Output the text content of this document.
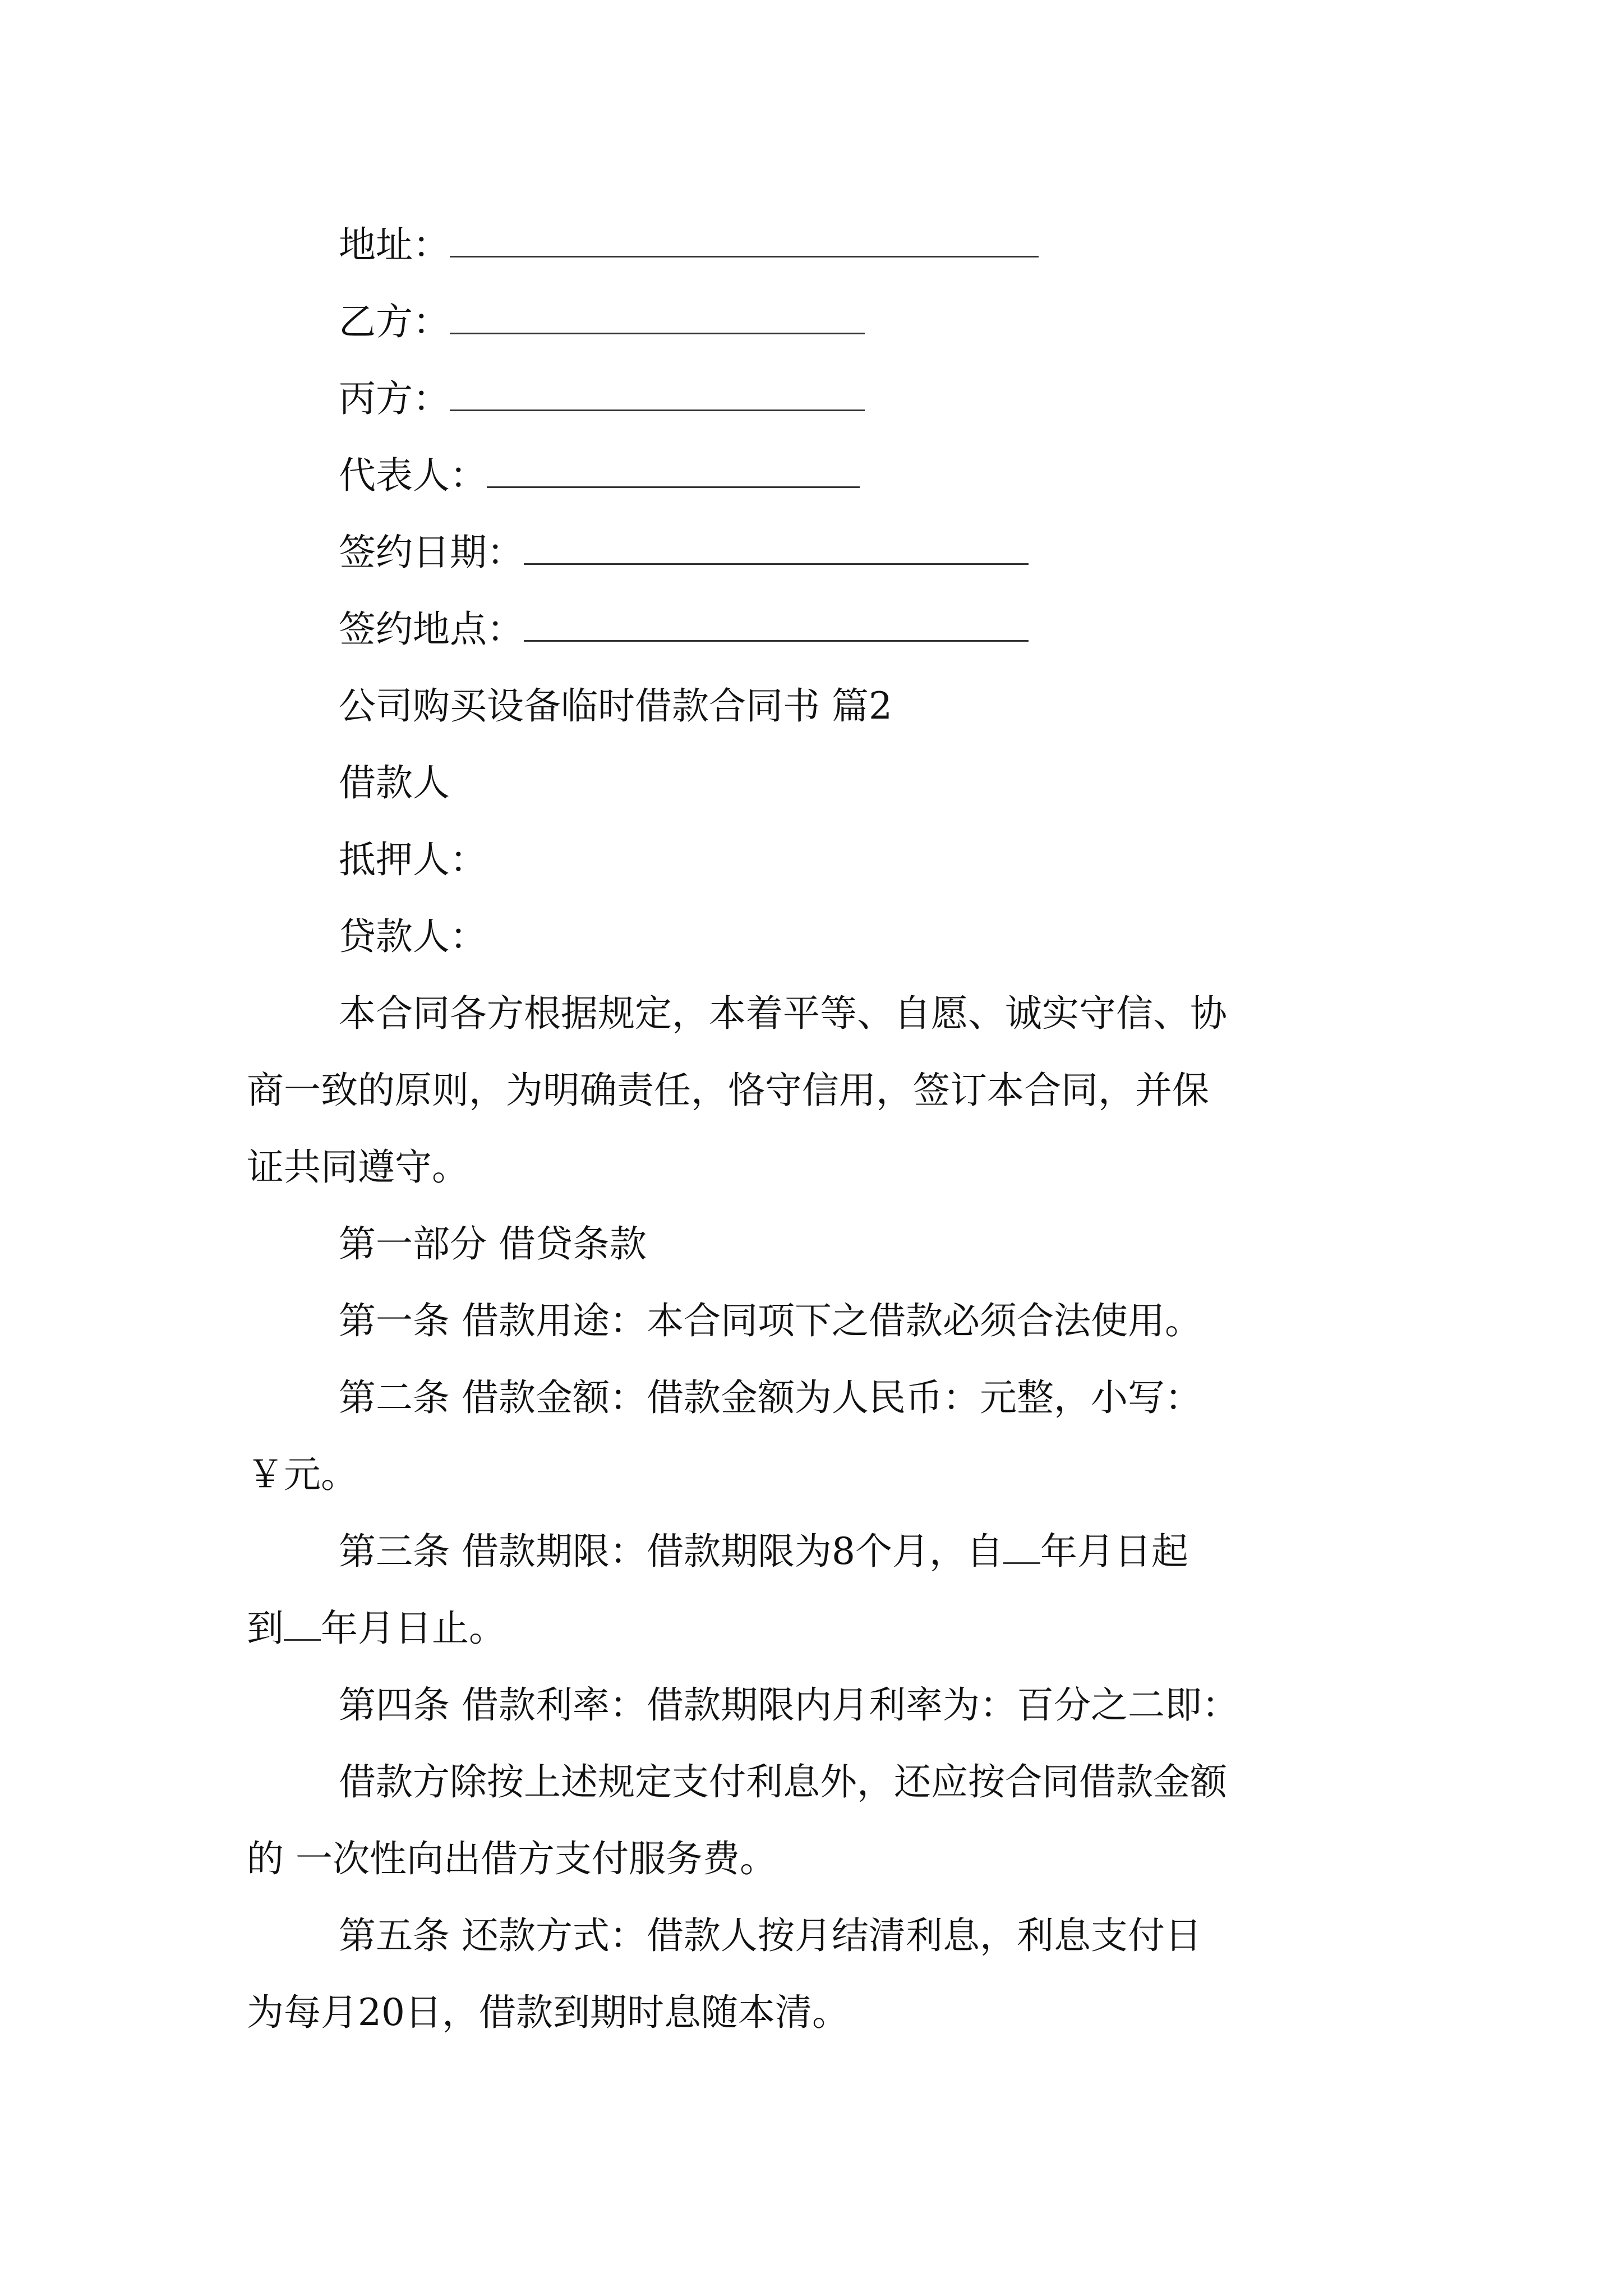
地址：
乙方：
丙方：
代表人：
签约日期：
签约地点：
公司购买设备临时借款合同书 篇2
借款人
抵押人：
贷款人：
本合同各方根据规定，本着平等、自愿、诚实守信、协
商一致的原则，为明确责任，恪守信用，签订本合同，并保
证共同遵守。
第一部分 借贷条款
第一条 借款用途：本合同项下之借款必须合法使用。
第二条 借款金额：借款金额为人民币：元整，小写：
￥元。
第三条 借款期限：借款期限为8个月，自 年月日起
到 年月日止。
第四条 借款利率：借款期限内月利率为：百分之二即：
借款方除按上述规定支付利息外，还应按合同借款金额
的 一次性向出借方支付服务费。
第五条 还款方式：借款人按月结清利息，利息支付日
为每月20日，借款到期时息随本清。
